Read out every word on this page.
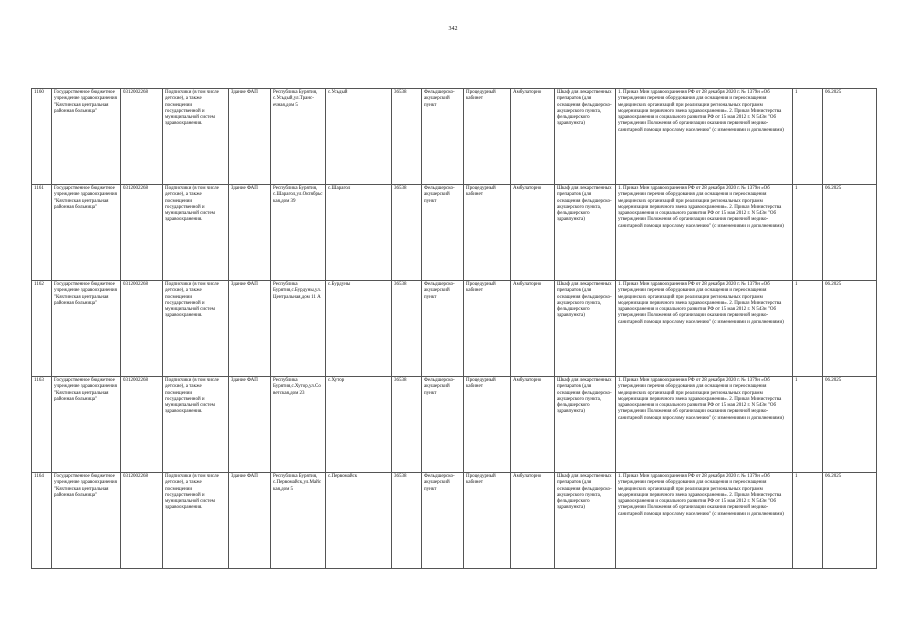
342
1160	Государственное бюджетное учреждение здравоохранения "Кяхтинская центральная районная больница"	0312002268	Подписчики (в том числе детские), а также посмещении государственной и муниципальной систем здравоохранения.	Здание ФАП	Республика Бурятия, с.Усьдый,ул.Трансечная,дом 5	с.Усьдый	36538	Фельдшерско-акушерский пункт	Процедурный кабинет	Амбулаторно	Шкаф для лекарственных препаратов (для оснащения фельдшерско-акушерского пункта, фельдшерского здравпункта)	1. Приказ Мин здравоохранения РФ от 28 декабря 2020 г. № 1379н «Об утверждении перечня оборудования для оснащения и переоснащения медицинских организаций при реализации региональных программ модернизации первичного звена здравоохранения». 2. Приказ Министерства здравоохранения и социального развития РФ от 15 мая 2012 г. N 543н "Об утверждении Положения об организации оказания первичной медико-санитарной помощи взрослому населению" (с изменениями и дополнениями)	1	06.2025
1161	Государственное бюджетное учреждение здравоохранения "Кяхтинская центральная районная больница"	0312002268	Подписчики (в том числе детские), а также посмещении государственной и муниципальной систем здравоохранения.	Здание ФАП	Республика Бурятия, с.Шарагол,ул.Октябрьская,дом 39	с.Шарагол	36538	Фельдшерско-акушерский пункт	Процедурный кабинет	Амбулаторно	Шкаф для лекарственных препаратов (для оснащения фельдшерско-акушерского пункта, фельдшерского здравпункта)	1. Приказ Мин здравоохранения РФ от 28 декабря 2020 г. № 1379н «Об утверждении перечня оборудования для оснащения и переоснащения медицинских организаций при реализации региональных программ модернизации первичного звена здравоохранения». 2. Приказ Министерства здравоохранения и социального развития РФ от 15 мая 2012 г. N 543н "Об утверждении Положения об организации оказания первичной медико-санитарной помощи взрослому населению" (с изменениями и дополнениями)	1	06.2025
1162	Государственное бюджетное учреждение здравоохранения "Кяхтинская центральная районная больница"	0312002268	Подписчики (в том числе детские), а также посмещении государственной и муниципальной систем здравоохранения.	Здание ФАП	Республика Бурятия,с.Бурдуны,ул.Центральная,дом 11 А	с.Бурдуны	36538	Фельдшерско-акушерский пункт	Процедурный кабинет	Амбулаторно	Шкаф для лекарственных препаратов (для оснащения фельдшерско-акушерского пункта, фельдшерского здравпункта)	1. Приказ Мин здравоохранения РФ от 28 декабря 2020 г. № 1379н «Об утверждении перечня оборудования для оснащения и переоснащения медицинских организаций при реализации региональных программ модернизации первичного звена здравоохранения». 2. Приказ Министерства здравоохранения и социального развития РФ от 15 мая 2012 г. N 543н "Об утверждении Положения об организации оказания первичной медико-санитарной помощи взрослому населению" (с изменениями и дополнениями)	1	06.2025
1163	Государственное бюджетное учреждение здравоохранения "Кяхтинская центральная районная больница"	0312002268	Подписчики (в том числе детские), а также посмещении государственной и муниципальной систем здравоохранения.	Здание ФАП	Республика Бурятия,с.Хутор,ул.Советская,дом 23	с.Хутор	36538	Фельдшерско-акушерский пункт	Процедурный кабинет	Амбулаторно	Шкаф для лекарственных препаратов (для оснащения фельдшерско-акушерского пункта, фельдшерского здравпункта)	1. Приказ Мин здравоохранения РФ от 28 декабря 2020 г. № 1379н «Об утверждении перечня оборудования для оснащения и переоснащения медицинских организаций при реализации региональных программ модернизации первичного звена здравоохранения». 2. Приказ Министерства здравоохранения и социального развития РФ от 15 мая 2012 г. N 543н "Об утверждении Положения об организации оказания первичной медико-санитарной помощи взрослому населению" (с изменениями и дополнениями)	1	06.2025
1164	Государственное бюджетное учреждение здравоохранения "Кяхтинская центральная районная больница"	0312002268	Подписчики (в том числе детские), а также посмещении государственной и муниципальной систем здравоохранения.	Здание ФАП	Республика Бурятия, с.Первомайск,ул.Майская,дом 5	с.Первомайск	36538	Фельдшерско-акушерский пункт	Процедурный кабинет	Амбулаторно	Шкаф для лекарственных препаратов (для оснащения фельдшерско-акушерского пункта, фельдшерского здравпункта)	1. Приказ Мин здравоохранения РФ от 28 декабря 2020 г. № 1379н «Об утверждении перечня оборудования для оснащения и переоснащения медицинских организаций при реализации региональных программ модернизации первичного звена здравоохранения». 2. Приказ Министерства здравоохранения и социального развития РФ от 15 мая 2012 г. N 543н "Об утверждении Положения об организации оказания первичной медико-санитарной помощи взрослому населению" (с изменениями и дополнениями)	1	06.2025
